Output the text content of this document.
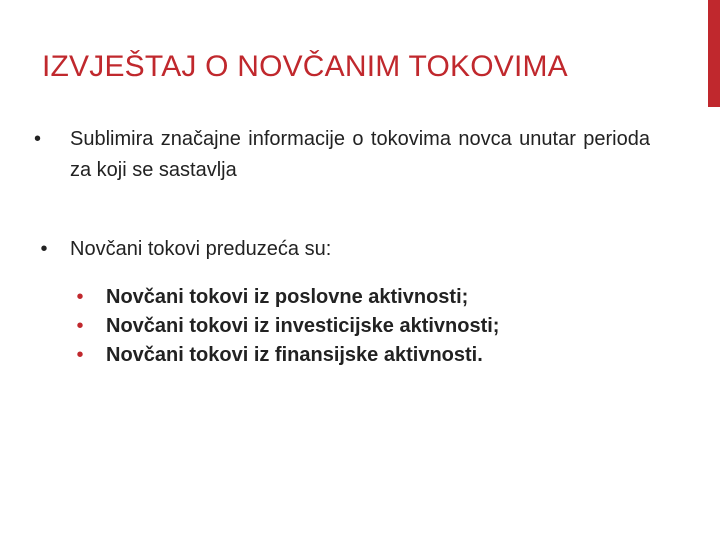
IZVJEŠTAJ O NOVČANIM TOKOVIMA
•	Sublimira značajne informacije o tokovima novca unutar perioda za koji se sastavlja
•	Novčani tokovi preduzeća su:
•	Novčani tokovi iz poslovne aktivnosti;
•	Novčani tokovi iz investicijske aktivnosti;
•	Novčani tokovi iz finansijske aktivnosti.
